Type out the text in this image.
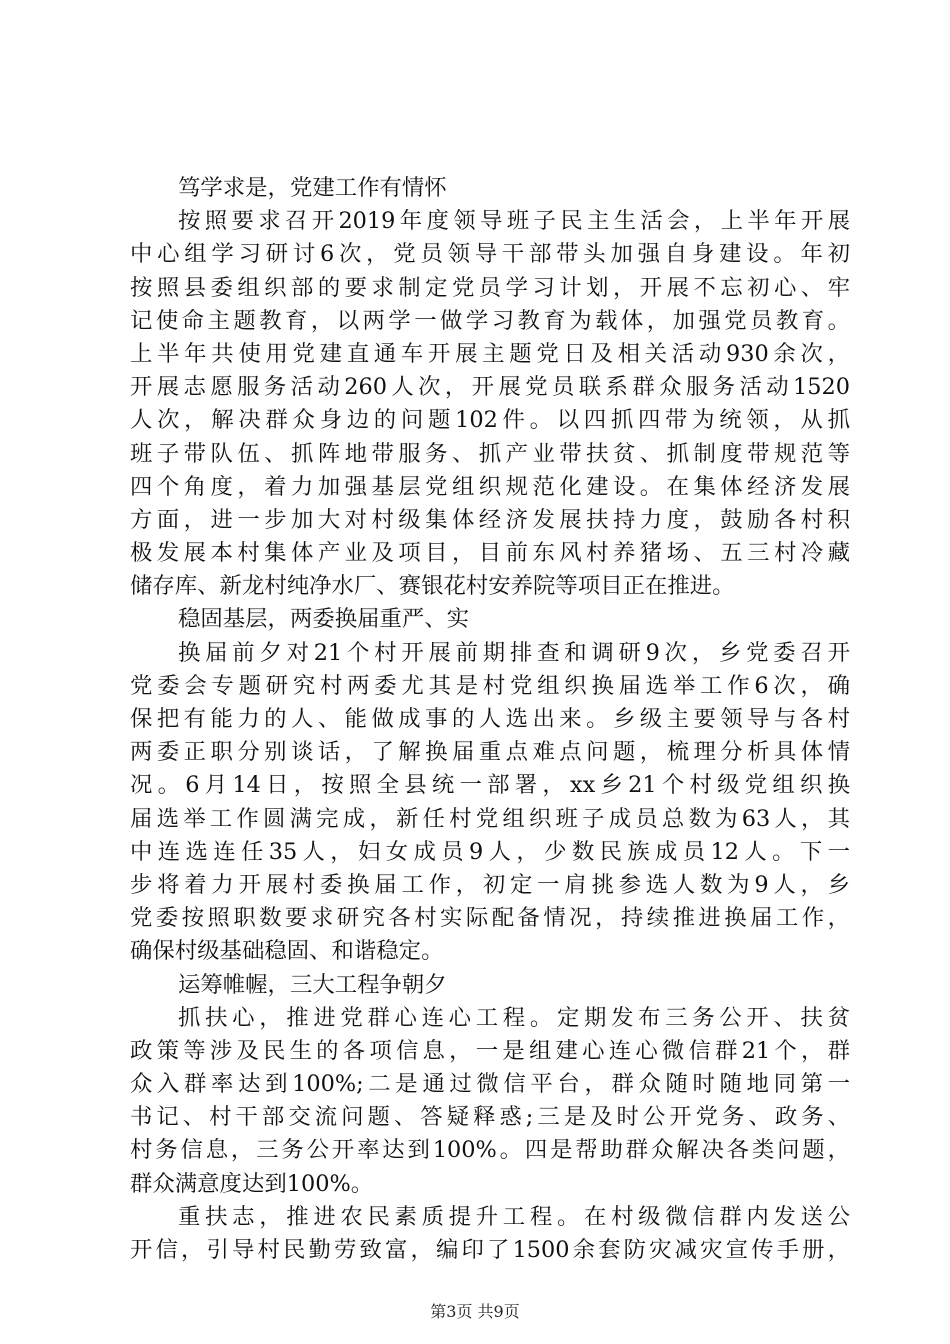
笃学求是，党建工作有情怀
按照要求召开2019年度领导班子民主生活会，上半年开展
中心组学习研讨6次，党员领导干部带头加强自身建设。年初
按照县委组织部的要求制定党员学习计划，开展不忘初心、牢
记使命主题教育，以两学一做学习教育为载体，加强党员教育。
上半年共使用党建直通车开展主题党日及相关活动930余次，
开展志愿服务活动260人次，开展党员联系群众服务活动1520
人次，解决群众身边的问题102件。以四抓四带为统领，从抓
班子带队伍、抓阵地带服务、抓产业带扶贫、抓制度带规范等
四个角度，着力加强基层党组织规范化建设。在集体经济发展
方面，进一步加大对村级集体经济发展扶持力度，鼓励各村积
极发展本村集体产业及项目，目前东风村养猪场、五三村冷藏
储存库、新龙村纯净水厂、赛银花村安养院等项目正在推进。
稳固基层，两委换届重严、实
换届前夕对21个村开展前期排查和调研9次，乡党委召开
党委会专题研究村两委尤其是村党组织换届选举工作6次，确
保把有能力的人、能做成事的人选出来。乡级主要领导与各村
两委正职分别谈话，了解换届重点难点问题，梳理分析具体情
况。6月14日，按照全县统一部署，xx乡21个村级党组织换
届选举工作圆满完成，新任村党组织班子成员总数为63人，其
中连选连任35人，妇女成员9人，少数民族成员12人。下一
步将着力开展村委换届工作，初定一肩挑参选人数为9人，乡
党委按照职数要求研究各村实际配备情况，持续推进换届工作，
确保村级基础稳固、和谐稳定。
运筹帷幄，三大工程争朝夕
抓扶心，推进党群心连心工程。定期发布三务公开、扶贫
政策等涉及民生的各项信息，一是组建心连心微信群21个，群
众入群率达到100%;二是通过微信平台，群众随时随地同第一
书记、村干部交流问题、答疑释惑;三是及时公开党务、政务、
村务信息，三务公开率达到100%。四是帮助群众解决各类问题，
群众满意度达到100%。
重扶志，推进农民素质提升工程。在村级微信群内发送公
开信，引导村民勤劳致富，编印了1500余套防灾减灾宣传手册，
第3页 共9页
